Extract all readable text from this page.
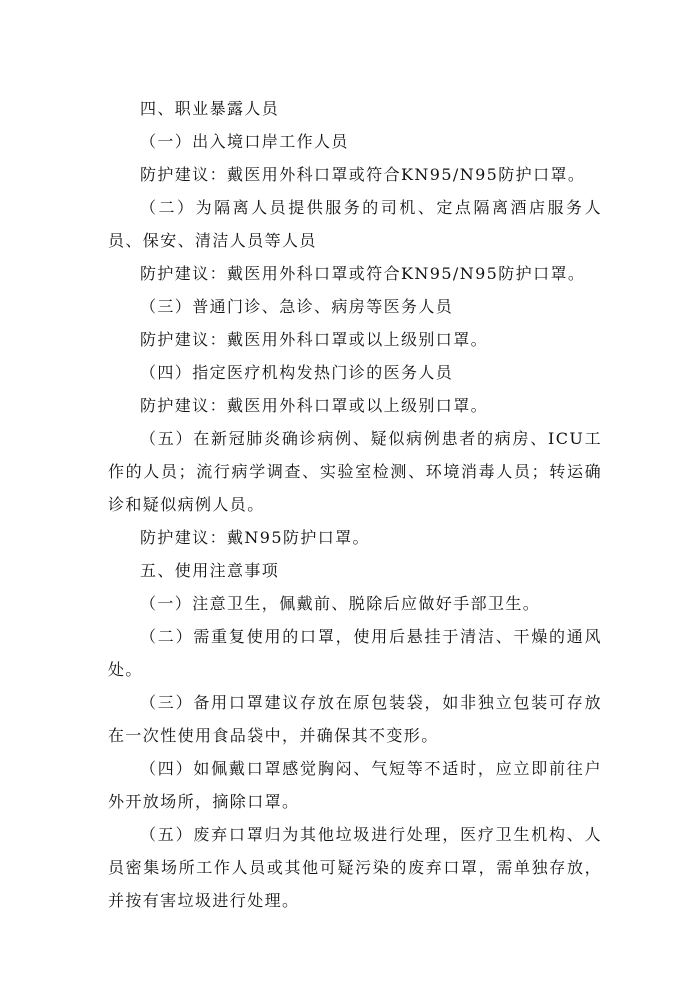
四、职业暴露人员

（一）出入境口岸工作人员

防护建议：戴医用外科口罩或符合KN95/N95防护口罩。

（二）为隔离人员提供服务的司机、定点隔离酒店服务人员、保安、清洁人员等人员

防护建议：戴医用外科口罩或符合KN95/N95防护口罩。

（三）普通门诊、急诊、病房等医务人员

防护建议：戴医用外科口罩或以上级别口罩。

（四）指定医疗机构发热门诊的医务人员

防护建议：戴医用外科口罩或以上级别口罩。

（五）在新冠肺炎确诊病例、疑似病例患者的病房、ICU工作的人员；流行病学调查、实验室检测、环境消毒人员；转运确诊和疑似病例人员。

防护建议：戴N95防护口罩。

五、使用注意事项

（一）注意卫生，佩戴前、脱除后应做好手部卫生。

（二）需重复使用的口罩，使用后悬挂于清洁、干燥的通风处。

（三）备用口罩建议存放在原包装袋，如非独立包装可存放在一次性使用食品袋中，并确保其不变形。

（四）如佩戴口罩感觉胸闷、气短等不适时，应立即前往户外开放场所，摘除口罩。

（五）废弃口罩归为其他垃圾进行处理，医疗卫生机构、人员密集场所工作人员或其他可疑污染的废弃口罩，需单独存放，并按有害垃圾进行处理。
